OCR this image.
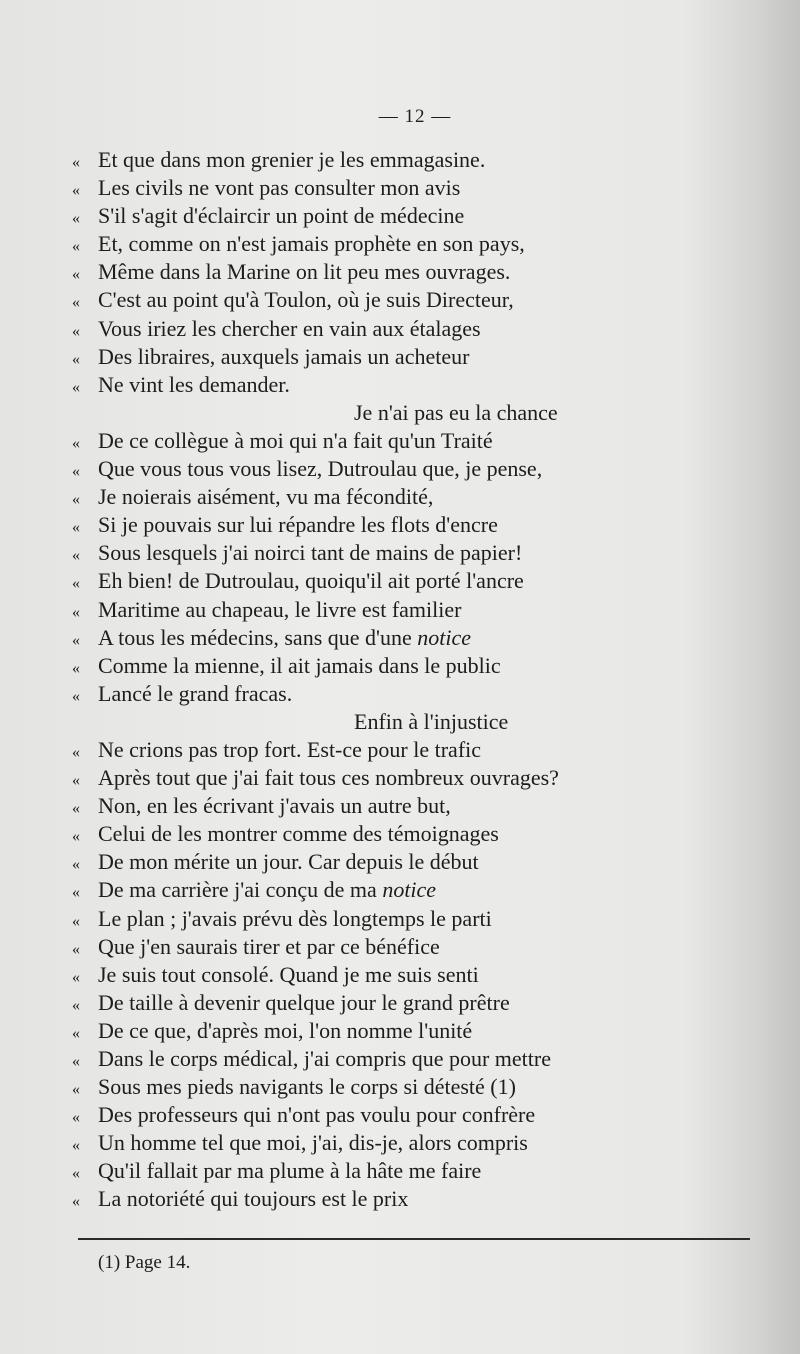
— 12 —
« Et que dans mon grenier je les emmagasine.
« Les civils ne vont pas consulter mon avis
« S'il s'agit d'éclaircir un point de médecine
« Et, comme on n'est jamais prophète en son pays,
« Même dans la Marine on lit peu mes ouvrages.
« C'est au point qu'à Toulon, où je suis Directeur,
« Vous iriez les chercher en vain aux étalages
« Des libraires, auxquels jamais un acheteur
« Ne vint les demander.
Je n'ai pas eu la chance
« De ce collègue à moi qui n'a fait qu'un Traité
« Que vous tous vous lisez, Dutroulau que, je pense,
« Je noierais aisément, vu ma fécondité,
« Si je pouvais sur lui répandre les flots d'encre
« Sous lesquels j'ai noirci tant de mains de papier!
« Eh bien! de Dutroulau, quoiqu'il ait porté l'ancre
« Maritime au chapeau, le livre est familier
« A tous les médecins, sans que d'une notice
« Comme la mienne, il ait jamais dans le public
« Lancé le grand fracas.
Enfin à l'injustice
« Ne crions pas trop fort. Est-ce pour le trafic
« Après tout que j'ai fait tous ces nombreux ouvrages?
« Non, en les écrivant j'avais un autre but,
« Celui de les montrer comme des témoignages
« De mon mérite un jour. Car depuis le début
« De ma carrière j'ai conçu de ma notice
« Le plan ; j'avais prévu dès longtemps le parti
« Que j'en saurais tirer et par ce bénéfice
« Je suis tout consolé. Quand je me suis senti
« De taille à devenir quelque jour le grand prêtre
« De ce que, d'après moi, l'on nomme l'unité
« Dans le corps médical, j'ai compris que pour mettre
« Sous mes pieds navigants le corps si détesté (1)
« Des professeurs qui n'ont pas voulu pour confrère
« Un homme tel que moi, j'ai, dis-je, alors compris
« Qu'il fallait par ma plume à la hâte me faire
« La notoriété qui toujours est le prix
(1) Page 14.
